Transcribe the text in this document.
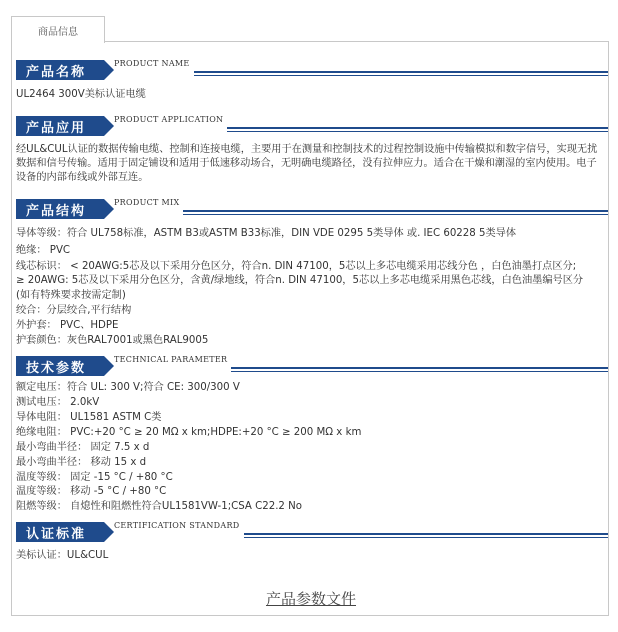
商品信息
产品名称
PRODUCT NAME
UL2464 300V美标认证电缆
产品应用
PRODUCT APPLICATION
经UL&CUL认证的数据传输电缆、控制和连接电缆，主要用于在测量和控制技术的过程控制设施中传输模拟和数字信号，实现无扰数据和信号传输。适用于固定铺设和适用于低速移动场合，无明确电缆路径，没有拉伸应力。适合在干燥和潮湿的室内使用。电子设备的内部布线或外部互连。
产品结构
PRODUCT MIX
导体等级：符合 UL758标准，ASTM B3或ASTM B33标准，DIN VDE 0295 5类导体 或. IEC 60228 5类导体
绝缘： PVC
线芯标识： < 20AWG:5芯及以下采用分色区分，符合n. DIN 47100，5芯以上多芯电缆采用芯线分色 ，白色油墨打点区分;
≥ 20AWG: 5芯及以下采用分色区分，含黄/绿地线，符合n. DIN 47100，5芯以上多芯电缆采用黑色芯线，白色油墨编号区分
(如有特殊要求按需定制)
绞合：分层绞合,平行结构
外护套： PVC、HDPE
护套颜色：灰色RAL7001或黑色RAL9005
技术参数
TECHNICAL PARAMETER
额定电压：符合 UL: 300 V;符合 CE: 300/300 V
测试电压： 2.0kV
导体电阻： UL1581 ASTM C类
绝缘电阻： PVC:+20 °C ≥ 20 MΩ x km;HDPE:+20 °C ≥ 200 MΩ x km
最小弯曲半径： 固定 7.5 x d
最小弯曲半径： 移动 15 x d
温度等级： 固定 -15 °C / +80 °C
温度等级： 移动 -5 °C / +80 °C
阻燃等级： 自熄性和阻燃性符合UL1581VW-1;CSA C22.2 No
认证标准
CERTIFICATION STANDARD
美标认证：UL&CUL
产品参数文件
